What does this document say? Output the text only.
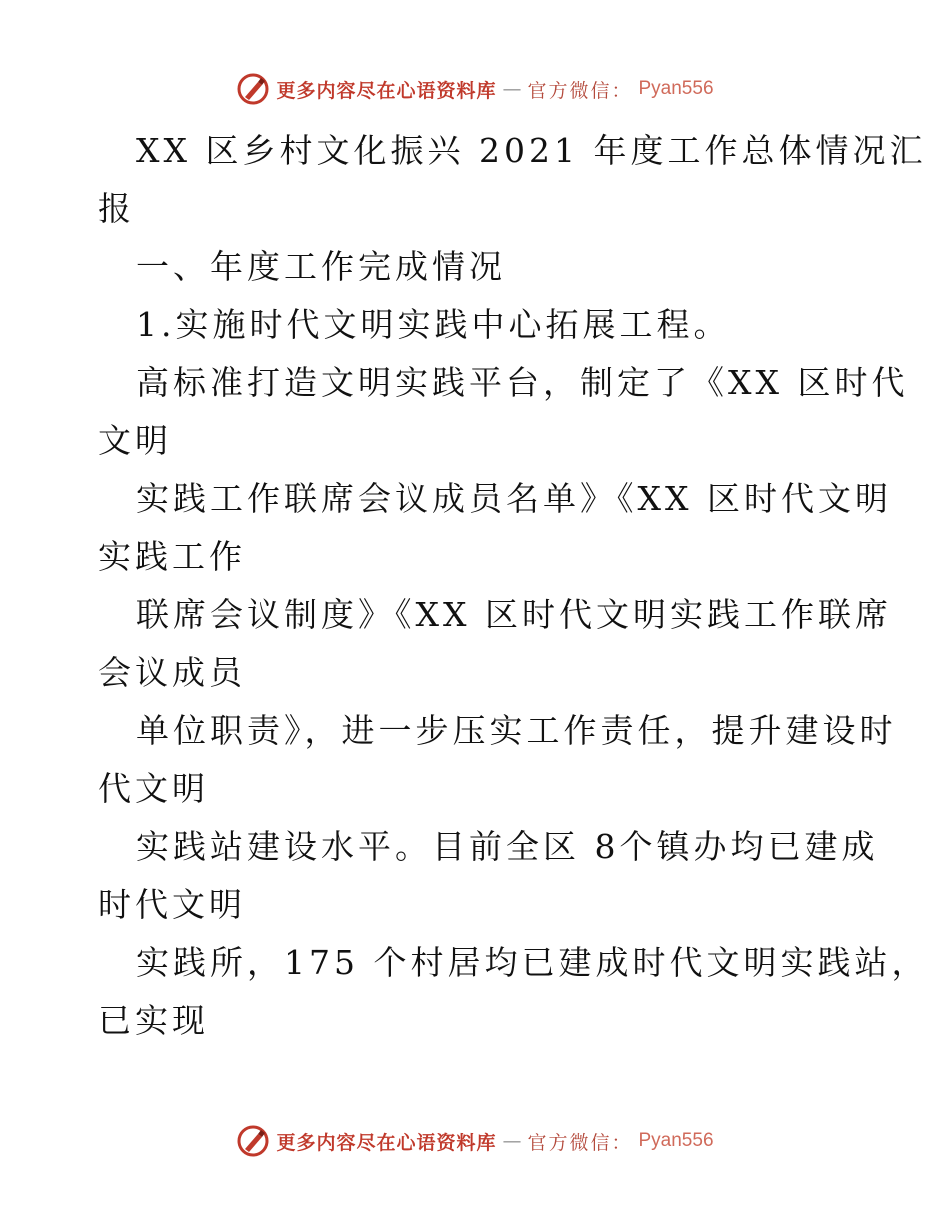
更多内容尽在心语资料库 — 官方微信： Pyan556
XX 区乡村文化振兴 2021 年度工作总体情况汇
报
一、年度工作完成情况
1.实施时代文明实践中心拓展工程。
高标准打造文明实践平台，制定了《XX 区时代
文明
实践工作联席会议成员名单》《XX 区时代文明
实践工作
联席会议制度》《XX 区时代文明实践工作联席
会议成员
单位职责》，进一步压实工作责任，提升建设时
代文明
实践站建设水平。目前全区 8个镇办均已建成
时代文明
实践所，175 个村居均已建成时代文明实践站，
已实现
更多内容尽在心语资料库 — 官方微信： Pyan556
